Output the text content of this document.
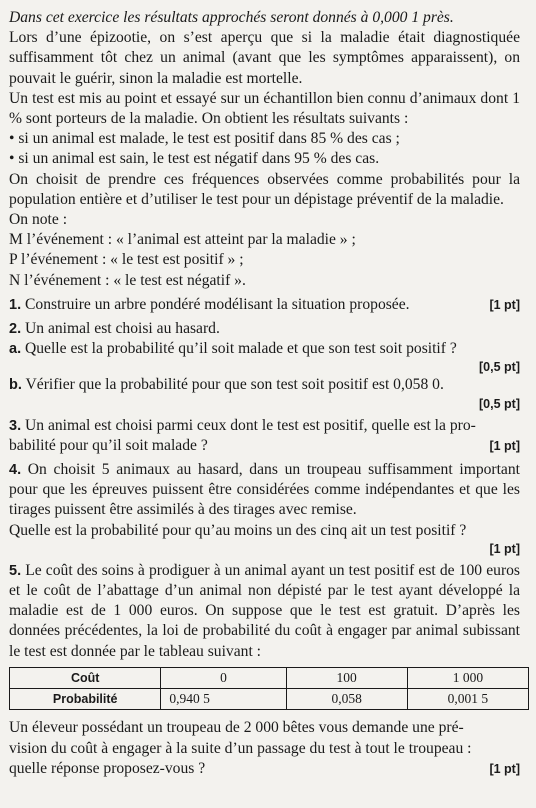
Dans cet exercice les résultats approchés seront donnés à 0,000 1 près.

Lors d’une épizootie, on s’est aperçu que si la maladie était diagnostiquée suffisamment tôt chez un animal (avant que les symptômes apparaissent), on pouvait le guérir, sinon la maladie est mortelle.

Un test est mis au point et essayé sur un échantillon bien connu d’animaux dont 1 % sont porteurs de la maladie. On obtient les résultats suivants :

• si un animal est malade, le test est positif dans 85 % des cas ;

• si un animal est sain, le test est négatif dans 95 % des cas.

On choisit de prendre ces fréquences observées comme probabilités pour la population entière et d’utiliser le test pour un dépistage préventif de la maladie.

On note :

M l’événement : « l’animal est atteint par la maladie » ;

P l’événement : « le test est positif » ;

N l’événement : « le test est négatif ».

1. Construire un arbre pondéré modélisant la situation proposée.	[1 pt]

2. Un animal est choisi au hasard.

a. Quelle est la probabilité qu’il soit malade et que son test soit positif ?

[0,5 pt]

b. Vérifier que la probabilité pour que son test soit positif est 0,058 0.

[0,5 pt]

3. Un animal est choisi parmi ceux dont le test est positif, quelle est la pro-

babilité pour qu’il soit malade ?	[1 pt]

4. On choisit 5 animaux au hasard, dans un troupeau suffisamment important pour que les épreuves puissent être considérées comme indépendantes et que les tirages puissent être assimilés à des tirages avec remise.

Quelle est la probabilité pour qu’au moins un des cinq ait un test positif ?

[1 pt]

5. Le coût des soins à prodiguer à un animal ayant un test positif est de 100 euros et le coût de l’abattage d’un animal non dépisté par le test ayant développé la maladie est de 1 000 euros. On suppose que le test est gratuit. D’après les données précédentes, la loi de probabilité du coût à engager par animal subissant le test est donnée par le tableau suivant :

Coût	0	100	1 000
Probabilité	0,940 5	0,058	0,001 5

Un éleveur possédant un troupeau de 2 000 bêtes vous demande une pré-

vision du coût à engager à la suite d’un passage du test à tout le troupeau :

quelle réponse proposez-vous ?	[1 pt]
